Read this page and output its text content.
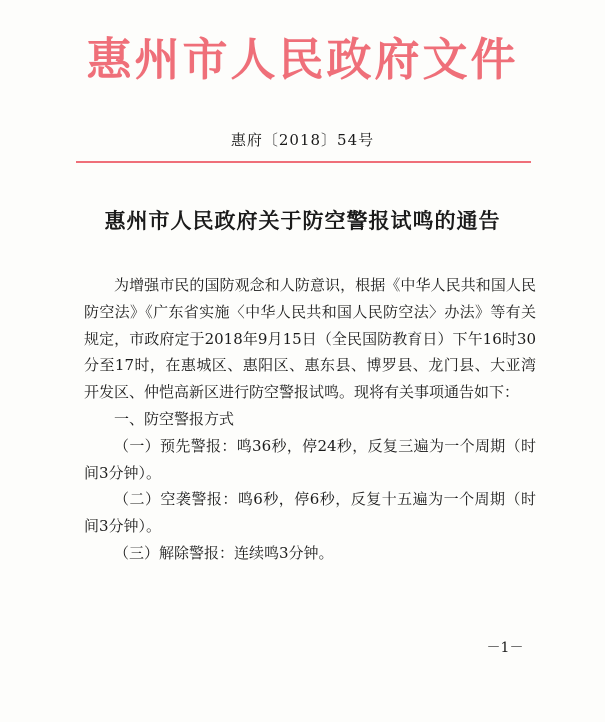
惠州市人民政府文件
惠府〔2018〕54号
惠州市人民政府关于防空警报试鸣的通告

为增强市民的国防观念和人防意识，根据《中华人民共和国人民防空法》《广东省实施〈中华人民共和国人民防空法〉办法》等有关规定，市政府定于2018年9月15日（全民国防教育日）下午16时30分至17时，在惠城区、惠阳区、惠东县、博罗县、龙门县、大亚湾开发区、仲恺高新区进行防空警报试鸣。现将有关事项通告如下：

一、防空警报方式

（一）预先警报：鸣36秒，停24秒，反复三遍为一个周期（时间3分钟）。

（二）空袭警报：鸣6秒，停6秒，反复十五遍为一个周期（时间3分钟）。

（三）解除警报：连续鸣3分钟。

－1－
